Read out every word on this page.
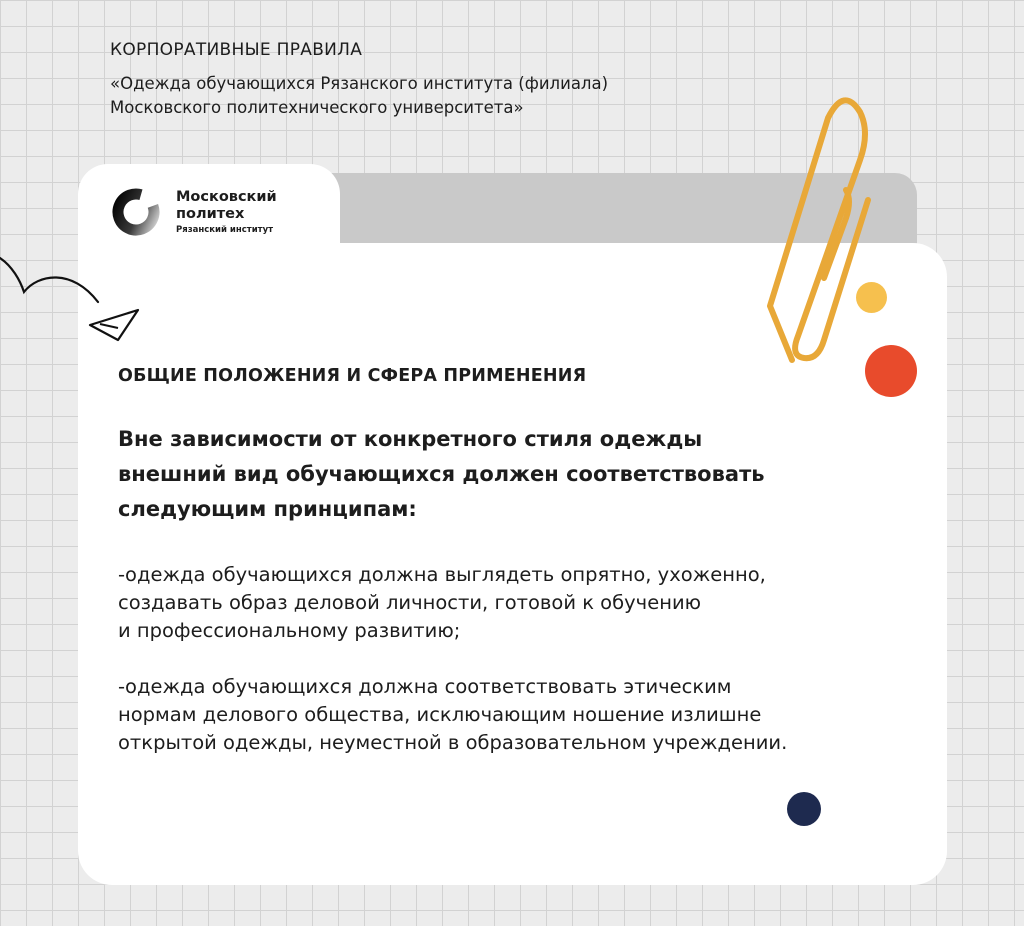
КОРПОРАТИВНЫЕ ПРАВИЛА
«Одежда обучающихся Рязанского института (филиала)
Московского политехнического университета»
Московский
политех
Рязанский институт
ОБЩИЕ ПОЛОЖЕНИЯ И СФЕРА ПРИМЕНЕНИЯ
Вне зависимости от конкретного стиля одежды
внешний вид обучающихся должен соответствовать
следующим принципам:
-одежда обучающихся должна выглядеть опрятно, ухоженно,
создавать образ деловой личности, готовой к обучению
и профессиональному развитию;
-одежда обучающихся должна соответствовать этическим
нормам делового общества, исключающим ношение излишне
открытой одежды, неуместной в образовательном учреждении.
